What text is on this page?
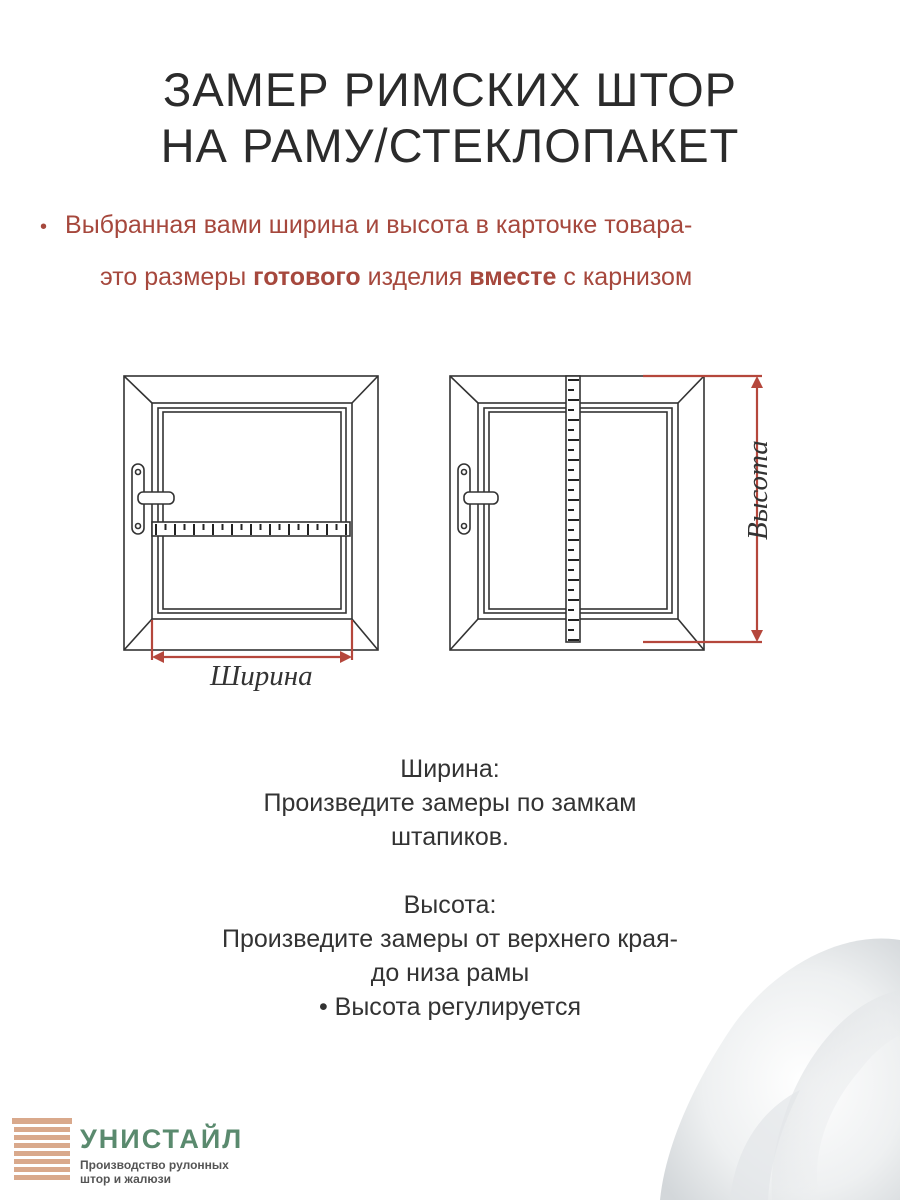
ЗАМЕР РИМСКИХ ШТОР
НА РАМУ/СТЕКЛОПАКЕТ
• Выбранная вами ширина и высота в карточке товара-
это размеры готового изделия вместе с карнизом
Ширина
Высота
Ширина:
Произведите замеры по замкам
штапиков.
Высота:
Произведите замеры от верхнего края-
до низа рамы
• Высота регулируется
УНИСТАЙЛ
Производство рулонных
штор и жалюзи
